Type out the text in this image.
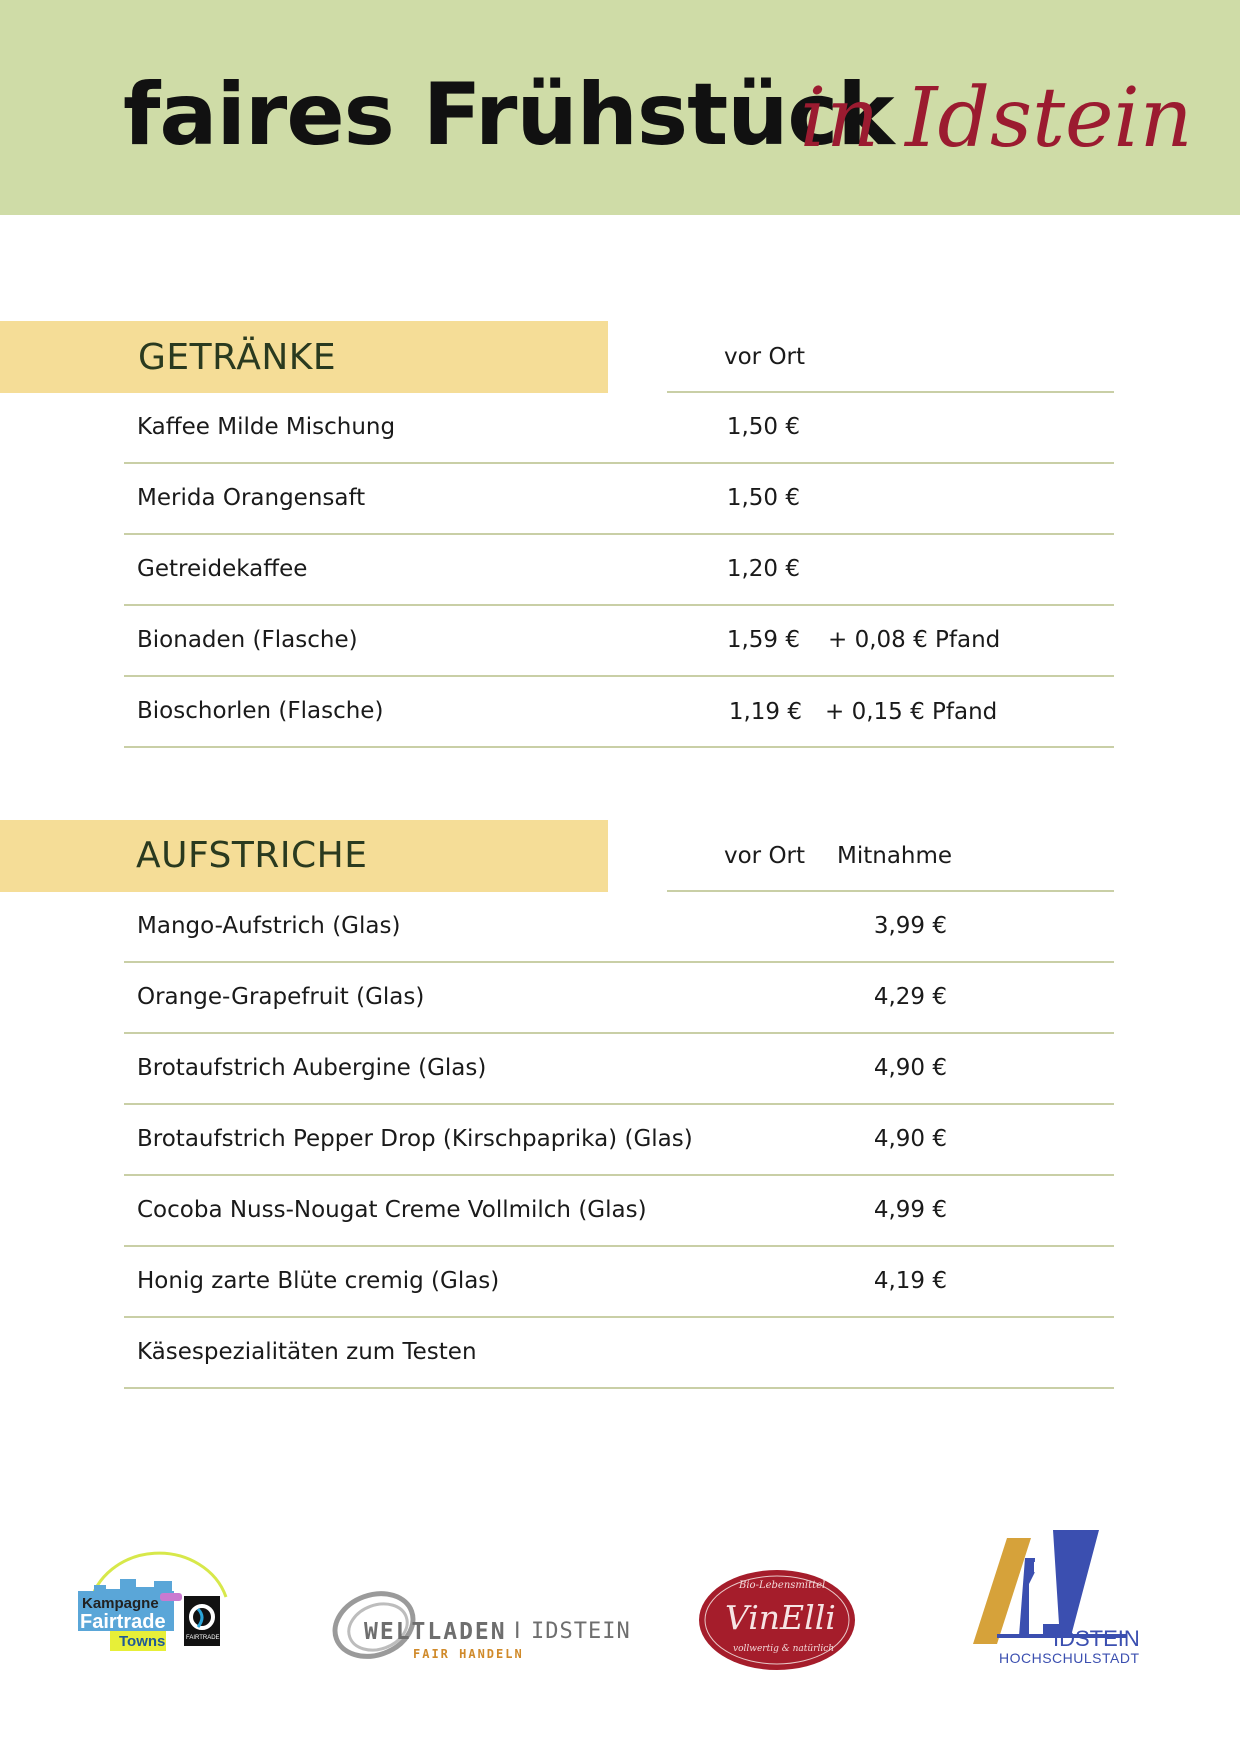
faires Frühstück
in Idstein
GETRÄNKE	vor Ort
Kaffee Milde Mischung	1,50 €
Merida Orangensaft	1,50 €
Getreidekaffee	1,20 €
Bionaden (Flasche)	1,59 € + 0,08 € Pfand
Bioschorlen (Flasche)	1,19 € + 0,15 € Pfand
AUFSTRICHE	vor Ort Mitnahme
Mango-Aufstrich (Glas)	3,99 €
Orange-Grapefruit (Glas)	4,29 €
Brotaufstrich Aubergine (Glas)	4,90 €
Brotaufstrich Pepper Drop (Kirschpaprika) (Glas)	4,90 €
Cocoba Nuss-Nougat Creme Vollmilch (Glas)	4,99 €
Honig zarte Blüte cremig (Glas)	4,19 €
Käsespezialitäten zum Testen
Kampagne
Fairtrade
Towns	FAIRTRADE	WELTLADEN I IDSTEIN
FAIR HANDELN
Bio-Lebensmittel
VinElli
vollwertig & natürlich	IDSTEIN
HOCHSCHULSTADT
